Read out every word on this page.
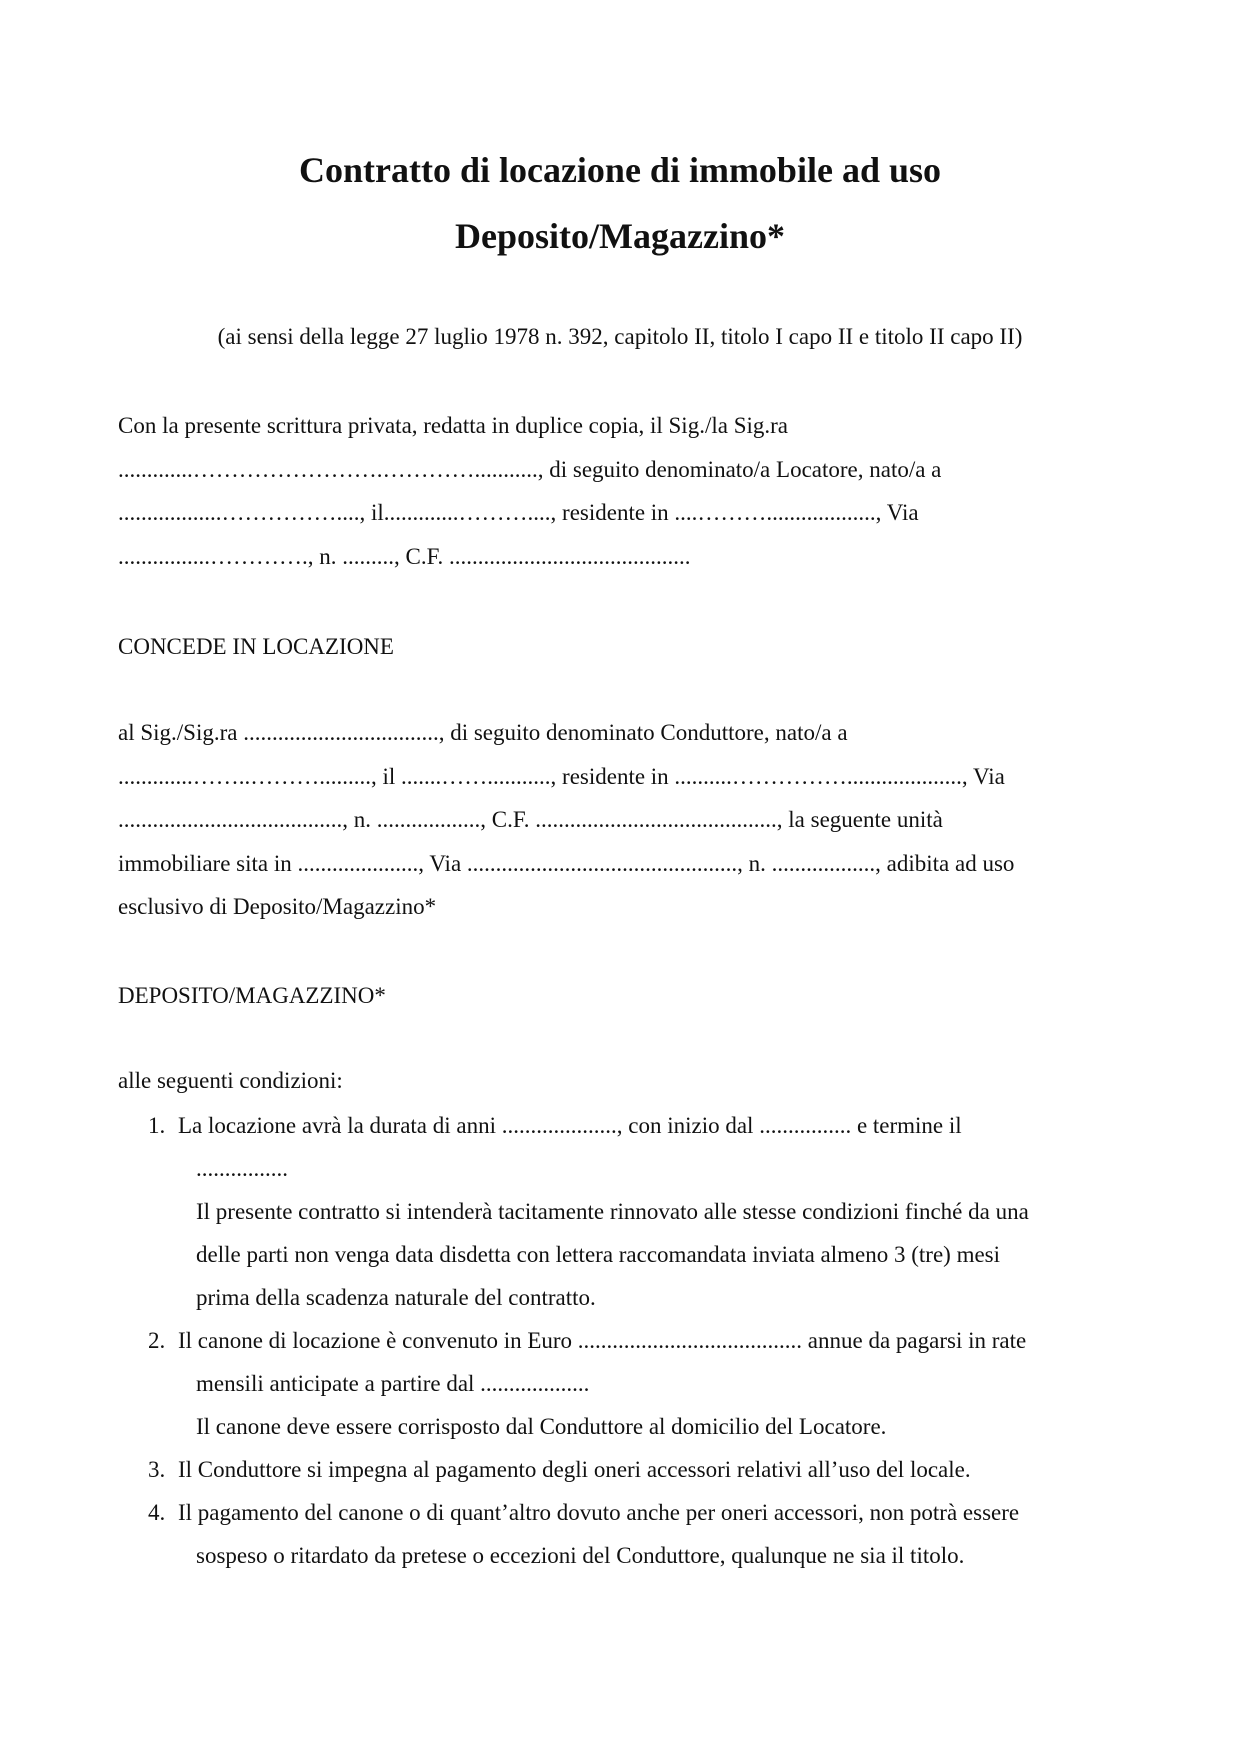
Contratto di locazione di immobile ad uso
Deposito/Magazzino*

(ai sensi della legge 27 luglio 1978 n. 392, capitolo II, titolo I capo II e titolo II capo II)

Con la presente scrittura privata, redatta in duplice copia, il Sig./la Sig.ra
.............…………………….…………..........., di seguito denominato/a Locatore, nato/a a
..................……………...., il.............………...., residente in ....………..................., Via
................…………., n. ........., C.F. ..........................................

CONCEDE IN LOCAZIONE

al Sig./Sig.ra .................................., di seguito denominato Conduttore, nato/a a
.............……..………........., il .......……..........., residente in ..........……………...................., Via
......................................., n. .................., C.F. .........................................., la seguente unità
immobiliare sita in ....................., Via ..............................................., n. .................., adibita ad uso
esclusivo di Deposito/Magazzino*

DEPOSITO/MAGAZZINO*

alle seguenti condizioni:

1. La locazione avrà la durata di anni ...................., con inizio dal ................ e termine il
................
Il presente contratto si intenderà tacitamente rinnovato alle stesse condizioni finché da una
delle parti non venga data disdetta con lettera raccomandata inviata almeno 3 (tre) mesi
prima della scadenza naturale del contratto.
2. Il canone di locazione è convenuto in Euro ....................................... annue da pagarsi in rate
mensili anticipate a partire dal ...................
Il canone deve essere corrisposto dal Conduttore al domicilio del Locatore.
3. Il Conduttore si impegna al pagamento degli oneri accessori relativi all’uso del locale.
4. Il pagamento del canone o di quant’altro dovuto anche per oneri accessori, non potrà essere
sospeso o ritardato da pretese o eccezioni del Conduttore, qualunque ne sia il titolo.
